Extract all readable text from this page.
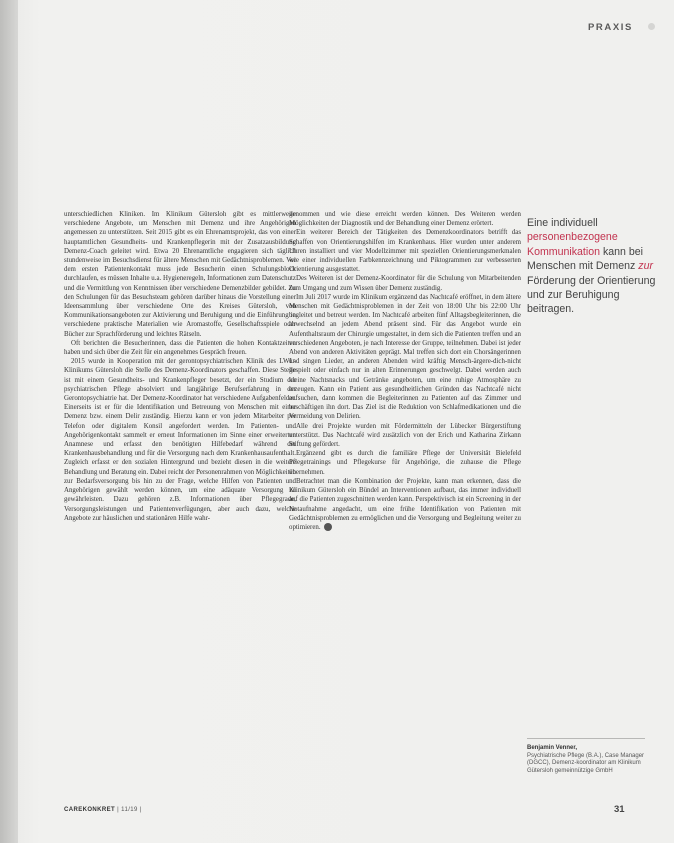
PRAXIS

unterschiedlichen Kliniken. Im Klinikum Gütersloh gibt es mittlerweile verschiedene Angebote, um Menschen mit Demenz und ihre Angehörigen angemessen zu unterstützen. Seit 2015 gibt es ein Ehrenamtsprojekt, das von einer hauptamtlichen Gesundheits- und Krankenpflegerin mit der Zusatzausbildung Demenz-Coach geleitet wird. Etwa 20 Ehrenamtliche engagieren sich täglich stundenweise im Besuchsdienst für ältere Menschen mit Gedächtnisproblemen. Vor dem ersten Patientenkontakt muss jede Besucherin einen Schulungsblock durchlaufen, es müssen Inhalte u.a. Hygieneregeln, Informationen zum Datenschutz und die Vermittlung von Kenntnissen über verschiedene Demenzbilder gebildet. Zu den Schulungen für das Besuchsteam gehören darüber hinaus die Vorstellung einer Ideensammlung über verschiedene Orte des Kreises Gütersloh, von Kommunikationsangeboten zur Aktivierung und Beruhigung und die Einführung in verschiedene praktische Materialien wie Aromastoffe, Gesellschaftsspiele oder Bücher zur Sprachförderung und leichtes Rätseln.

Oft berichten die Besucherinnen, dass die Patienten die hohen Kontaktzeiten haben und sich über die Zeit für ein angenehmes Gespräch freuen.

2015 wurde in Kooperation mit der gerontopsychiatrischen Klinik des LWL-Klinikums Gütersloh die Stelle des Demenz-Koordinators geschaffen. Diese Stelle ist mit einem Gesundheits- und Krankenpfleger besetzt, der ein Studium der psychiatrischen Pflege absolviert und langjährige Berufserfahrung in der Gerontopsychiatrie hat. Der Demenz-Koordinator hat verschiedene Aufgabenfelder. Einerseits ist er für die Identifikation und Betreuung von Menschen mit einer Demenz bzw. einem Delir zuständig. Hierzu kann er von jedem Mitarbeiter per Telefon oder digitalem Konsil angefordert werden. Im Patienten- und Angehörigenkontakt sammelt er erneut Informationen im Sinne einer erweiterten Anamnese und erfasst den benötigten Hilfebedarf während der Krankenhausbehandlung und für die Versorgung nach dem Krankenhausaufenthalt. Zugleich erfasst er den sozialen Hintergrund und bezieht diesen in die weitere Behandlung und Beratung ein. Dabei reicht der Personenrahmen von Möglichkeiten zur Bedarfsversorgung bis hin zu der Frage, welche Hilfen von Patienten und Angehörigen gewählt werden können, um eine adäquate Versorgung zu gewährleisten. Dazu gehören z.B. Informationen über Pflegegrade, Versorgungsleistungen und Patientenverfügungen, aber auch dazu, welche Angebote zur häuslichen und stationären Hilfe wahr-

genommen und wie diese erreicht werden können. Des Weiteren werden Möglichkeiten der Diagnostik und der Behandlung einer Demenz erörtert.

Ein weiterer Bereich der Tätigkeiten des Demenzkoordinators betrifft das Schaffen von Orientierungshilfen im Krankenhaus. Hier wurden unter anderem Uhren installiert und vier Modellzimmer mit speziellen Orientierungsmerkmalen wie einer individuellen Farbkennzeichnung und Piktogrammen zur verbesserten Orientierung ausgestattet.

Des Weiteren ist der Demenz-Koordinator für die Schulung von Mitarbeitenden zum Umgang und zum Wissen über Demenz zuständig.

Im Juli 2017 wurde im Klinikum ergänzend das Nachtcafé eröffnet, in dem ältere Menschen mit Gedächtnisproblemen in der Zeit von 18:00 Uhr bis 22:00 Uhr begleitet und betreut werden. Im Nachtcafé arbeiten fünf Alltagsbegleiterinnen, die abwechselnd an jedem Abend präsent sind. Für das Angebot wurde ein Aufenthaltsraum der Chirurgie umgestaltet, in dem sich die Patienten treffen und an verschiedenen Angeboten, je nach Interesse der Gruppe, teilnehmen. Dabei ist jeder Abend von anderen Aktivitäten geprägt. Mal treffen sich dort ein Chorsängerinnen und singen Lieder, an anderen Abenden wird kräftig Mensch-ärgere-dich-nicht gespielt oder einfach nur in alten Erinnerungen geschwelgt. Dabei werden auch kleine Nachtsnacks und Getränke angeboten, um eine ruhige Atmosphäre zu erzeugen. Kann ein Patient aus gesundheitlichen Gründen das Nachtcafé nicht aufsuchen, dann kommen die Begleiterinnen zu Patienten auf das Zimmer und beschäftigen ihn dort. Das Ziel ist die Reduktion von Schlafmedikationen und die Vermeidung von Delirien.

Alle drei Projekte wurden mit Fördermitteln der Lübecker Bürgerstiftung unterstützt. Das Nachtcafé wird zusätzlich von der Erich und Katharina Zirkann Stiftung gefördert.

Ergänzend gibt es durch die familiäre Pflege der Universität Bielefeld Pflegetrainings und Pflegekurse für Angehörige, die zuhause die Pflege übernehmen.

Betrachtet man die Kombination der Projekte, kann man erkennen, dass die Klinikum Gütersloh ein Bündel an Interventionen aufbaut, das immer individuell auf die Patienten zugeschnitten werden kann. Perspektivisch ist ein Screening in der Notaufnahme angedacht, um eine frühe Identifikation von Patienten mit Gedächtnisproblemen zu ermöglichen und die Versorgung und Begleitung weiter zu optimieren.

Eine individuell personenbezogene Kommunikation kann bei Menschen mit Demenz zur Förderung der Orientierung und zur Beruhigung beitragen.
Benjamin Venner,
Psychiatrische Pflege (B.A.), Case Manager (DGCC), Demenz-koordinator am Klinikum Gütersloh gemeinnützige GmbH
CAREKONKRET | 11/19 |	31
